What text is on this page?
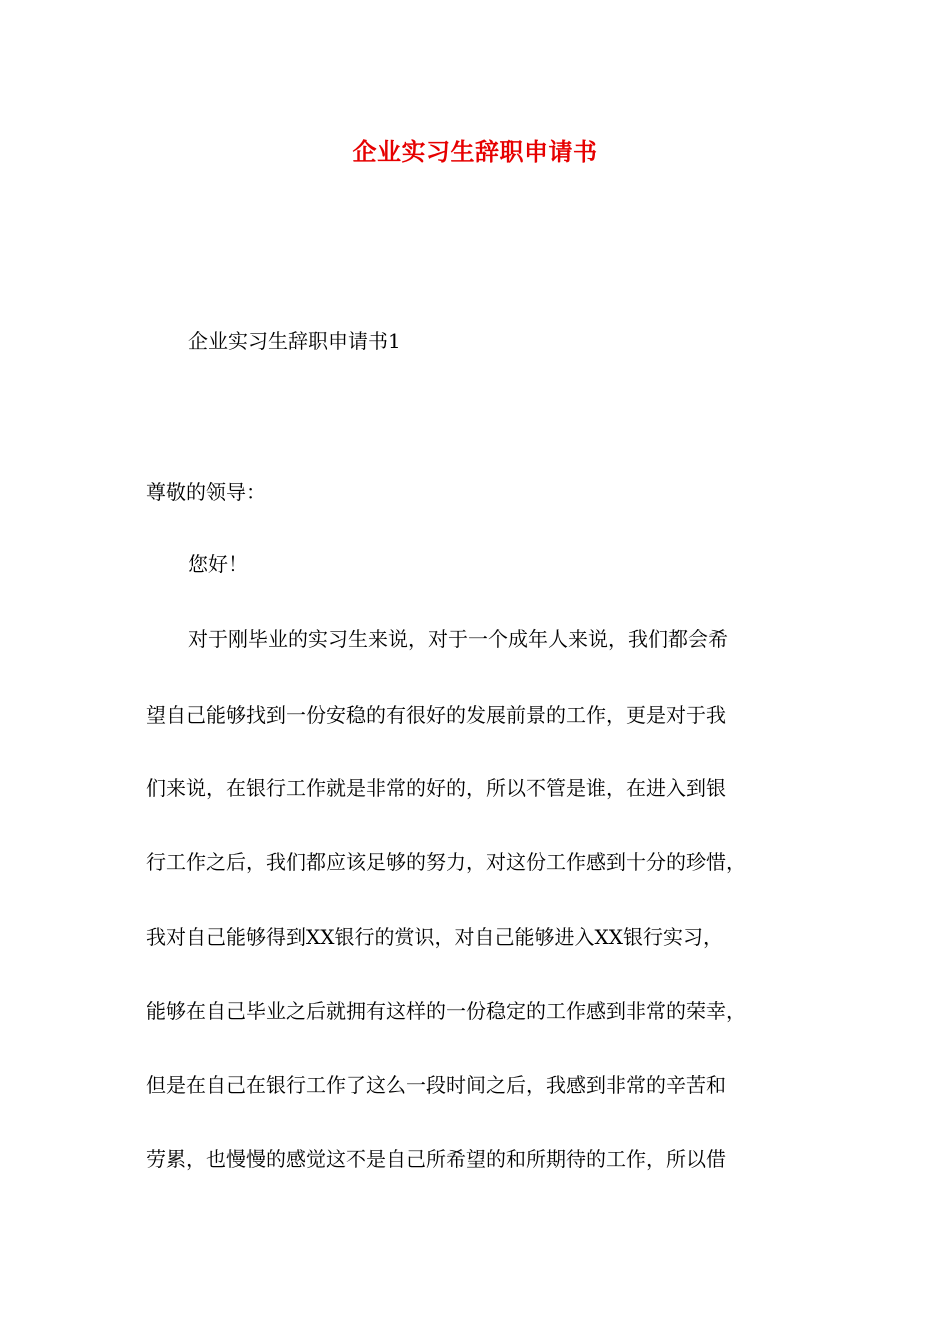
企业实习生辞职申请书
企业实习生辞职申请书1
尊敬的领导：
您好！
对于刚毕业的实习生来说，对于一个成年人来说，我们都会希
望自己能够找到一份安稳的有很好的发展前景的工作，更是对于我
们来说，在银行工作就是非常的好的，所以不管是谁，在进入到银
行工作之后，我们都应该足够的努力，对这份工作感到十分的珍惜，
我对自己能够得到XX银行的赏识，对自己能够进入XX银行实习，
能够在自己毕业之后就拥有这样的一份稳定的工作感到非常的荣幸，
但是在自己在银行工作了这么一段时间之后，我感到非常的辛苦和
劳累，也慢慢的感觉这不是自己所希望的和所期待的工作，所以借
